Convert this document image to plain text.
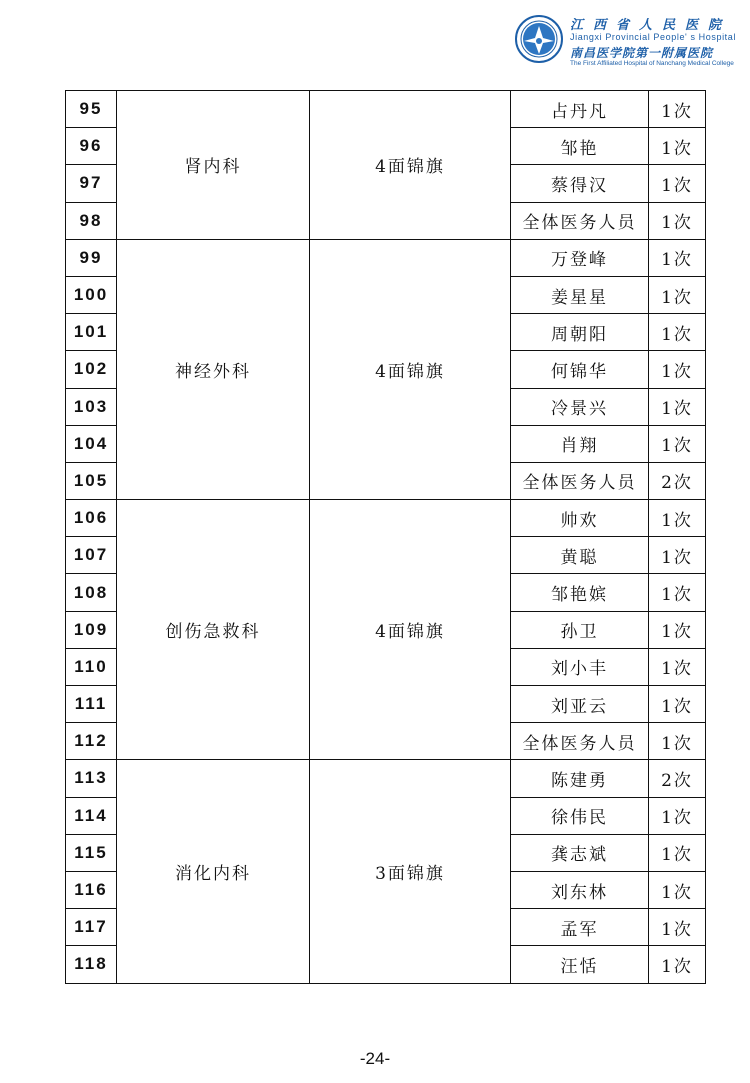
江西省人民医院
Jiangxi Provincial People' s Hospital
南昌医学院第一附属医院
The First Affiliated Hospital of Nanchang Medical College
95	肾内科	4面锦旗	占丹凡	1次
96			邹艳	1次
97			蔡得汉	1次
98			全体医务人员	1次
99	神经外科	4面锦旗	万登峰	1次
100			姜星星	1次
101			周朝阳	1次
102			何锦华	1次
103			冷景兴	1次
104			肖翔	1次
105			全体医务人员	2次
106	创伤急救科	4面锦旗	帅欢	1次
107			黄聪	1次
108			邹艳嫔	1次
109			孙卫	1次
110			刘小丰	1次
111			刘亚云	1次
112			全体医务人员	1次
113	消化内科	3面锦旗	陈建勇	2次
114			徐伟民	1次
115			龚志斌	1次
116			刘东林	1次
117			孟军	1次
118			汪恬	1次
-24-
